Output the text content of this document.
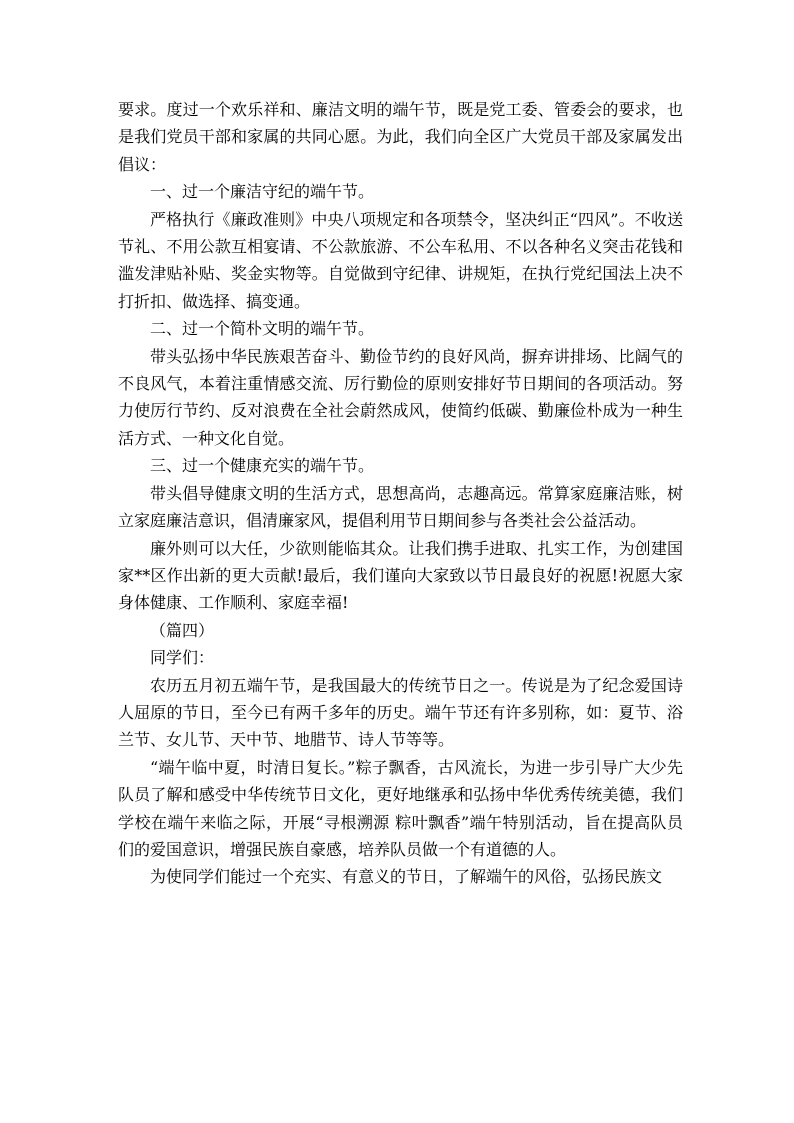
要求。度过一个欢乐祥和、廉洁文明的端午节，既是党工委、管委会的要求，也是我们党员干部和家属的共同心愿。为此，我们向全区广大党员干部及家属发出倡议：

一、过一个廉洁守纪的端午节。

严格执行《廉政准则》中央八项规定和各项禁令，坚决纠正“四风”。不收送节礼、不用公款互相宴请、不公款旅游、不公车私用、不以各种名义突击花钱和滥发津贴补贴、奖金实物等。自觉做到守纪律、讲规矩，在执行党纪国法上决不打折扣、做选择、搞变通。

二、过一个简朴文明的端午节。

带头弘扬中华民族艰苦奋斗、勤俭节约的良好风尚，摒弃讲排场、比阔气的不良风气，本着注重情感交流、厉行勤俭的原则安排好节日期间的各项活动。努力使厉行节约、反对浪费在全社会蔚然成风，使简约低碳、勤廉俭朴成为一种生活方式、一种文化自觉。

三、过一个健康充实的端午节。

带头倡导健康文明的生活方式，思想高尚，志趣高远。常算家庭廉洁账，树立家庭廉洁意识，倡清廉家风，提倡利用节日期间参与各类社会公益活动。

廉外则可以大任，少欲则能临其众。让我们携手进取、扎实工作，为创建国家**区作出新的更大贡献!最后，我们谨向大家致以节日最良好的祝愿!祝愿大家身体健康、工作顺利、家庭幸福!

（篇四）

同学们：

农历五月初五端午节，是我国最大的传统节日之一。传说是为了纪念爱国诗人屈原的节日，至今已有两千多年的历史。端午节还有许多别称，如：夏节、浴兰节、女儿节、天中节、地腊节、诗人节等等。

“端午临中夏，时清日复长。”粽子飘香，古风流长，为进一步引导广大少先队员了解和感受中华传统节日文化，更好地继承和弘扬中华优秀传统美德，我们学校在端午来临之际，开展“寻根溯源 粽叶飘香”端午特别活动，旨在提高队员们的爱国意识，增强民族自豪感，培养队员做一个有道德的人。

为使同学们能过一个充实、有意义的节日，了解端午的风俗，弘扬民族文
